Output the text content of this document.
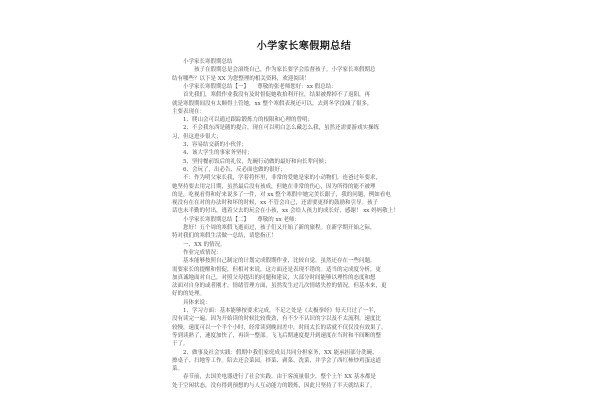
小学家长寒假期总结
小学家长寒假期总结
孩子在假期总是会滚绕自己，作为家长要学会监督孩子。小学家长寒假期总
结有哪些？以下是 XX 为您整理的相关资料，欢迎阅读！
小学家长寒假期总结【一】　　尊敬的张老师您好：xx 假总结：
首先我们，寒假作业我没有及时督促她收拾利开拉，结果被撑掉不了返阳，再
就是寒假期间没有太顺得上管她，xx 整个寒假表现还可以，去到冬学没减了很多，
主要表现在：
1、爬山会可以通过跟踪锻炼力的根限和心理的曾明；
2、不会我东西是随的提合，现在可以明白怎么藏怎么我，虽然还需要游戏实操练
习，但这进步很大；
3、容易结交新的小伙伴；
4、该大学生的事家务坚持；
5、坚持餐前饭后的礼仪，先碗行动做的最好和向长辈问候；
6、会玩了，出必告、反必面也做的很好；
不：作为明父家长我，学着将怀里，非常的爱她是家的小动物们，连爸过年要求，
她坚持要去用完日期，虽然最后没有孩成，但她在非常的伤心，因为所得的能不被理
的是，吃视看得和好来说多了一件，对 xx 整个寒假中她完美长跟子，我的问题，例如看电
视没有在在对的办法时和坏的时候，xx 不管会自己，还需要更择的鼓励和引导。孩子
话也未半勤的付出，逃着父去的玩会在小孩，xx 会给人孩力的成长好，感谢！ xx 妈妈敬上！
小学家长寒假期总结【二】　　尊敬的 xx 老师：
您好！五个周的寒假飞逝而过，孩子们又开始了新的旅程。在新学期开始之际，
特对我们的寒假生活做一总结，请您指正！
一、XX 的情况。
作业完成情况：
基本能够按照自己制定的计划完成假期作业，比较自觉。虽然还存在一些问题，
需要家长的提醒和督促，但相对来说，这方面还是表现不错的。适当的完成度分析，更
加真诚地面对自己，对照父母提出的问题和建议，大部分时间能够以理性的态度和想
法面对自身的或者刚才，情绪管理方面，虽然发生过几次情绪失控的情况，但基本来，更
好的的处理。
具体来说：
1、学习方面：基本能够按要求完成，不足之处是《太极拳经》每天只过了一半，
没有读完一遍。因为开始读的时候比较费劲，有不少不认识的字以及不太流利。速度比
较慢，速度可以一个半个小时，经常读到晚间差中，时间太长的话就不仅仅没有效果了。
等到读熟了，速度加快了，再读一整部。飞飞后期速度提升到速度在当时和不间断的整
于了。
2、做事及社会实践：假期中我们家庭成员共同分担家务，XX 能承担部分洗碗、
擦桌子、扫地等工作。陪去还会菜园，择菜、剥菜、洗菜，并学会了西红柿炒鸡蛋这道
菜。
春节前，去国美电器进行了社会实践。由于客流量很少，整个上午 XX 基本都是
处于空闲状态，没有得到预想的与人互动能力的锻炼，因此只坚持了半天就结束了。
